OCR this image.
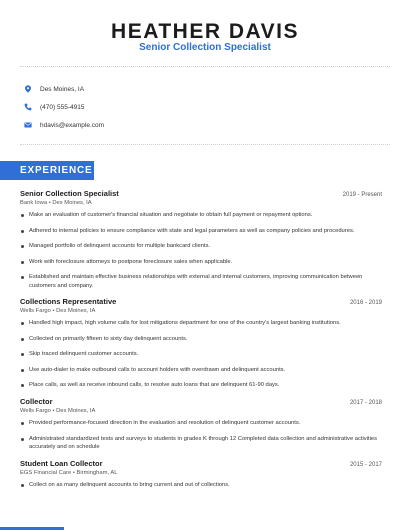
HEATHER DAVIS
Senior Collection Specialist
Des Moines, IA
(470) 555-4915
hdavis@example.com
EXPERIENCE
Senior Collection Specialist	2019 - Present
Bank Iowa • Des Moines, IA
Make an evaluation of customer's financial situation and negotiate to obtain full payment or repayment options.
Adhered to internal policies to ensure compliance with state and legal parameters as well as company policies and procedures.
Managed portfolio of delinquent accounts for multiple bankcard clients.
Work with foreclosure attorneys to postpone foreclosure sales when applicable.
Established and maintain effective business relationships with external and internal customers, improving communication between customers and company.
Collections Representative	2016 - 2019
Wells Fargo • Des Moines, IA
Handled high impact, high volume calls for lost mitigations department for one of the country's largest banking institutions.
Collected on primarily fifteen to sixty day delinquent accounts.
Skip traced delinquent customer accounts.
Use auto-dialer to make outbound calls to account holders with overdrawn and delinquent accounts.
Place calls, as well as receive inbound calls, to resolve auto loans that are delinquent 61-90 days.
Collector	2017 - 2018
Wells Fargo • Des Moines, IA
Provided performance-focused direction in the evaluation and resolution of delinquent customer accounts.
Administrated standardized tests and surveys to students in grades K through 12 Completed data collection and administrative activities accurately and on schedule
Student Loan Collector	2015 - 2017
EGS Financial Care • Birmingham, AL
Collect on as many delinquent accounts to bring current and out of collections.
